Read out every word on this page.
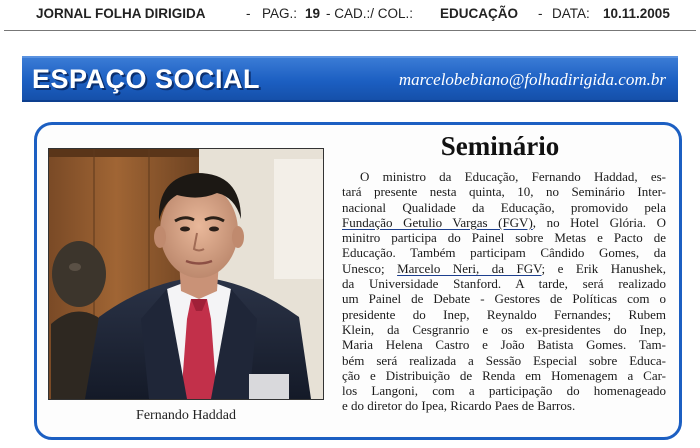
JORNAL FOLHA DIRIGIDA	- PAG.: 19 - CAD.:/ COL.: EDUCAÇÃO - DATA: 10.11.2005
ESPAÇO SOCIAL	marcelobebiano@folhadirigida.com.br
Fernando Haddad
Seminário
O ministro da Educação, Fernando Haddad, es-
tará presente nesta quinta, 10, no Seminário Inter-
nacional Qualidade da Educação, promovido pela
Fundação Getulio Vargas (FGV), no Hotel Glória. O
minitro participa do Painel sobre Metas e Pacto de
Educação. Também participam Cândido Gomes, da
Unesco; Marcelo Neri, da FGV; e Erik Hanushek,
da Universidade Stanford. A tarde, será realizado
um Painel de Debate - Gestores de Políticas com o
presidente do Inep, Reynaldo Fernandes; Rubem
Klein, da Cesgranrio e os ex-presidentes do Inep,
Maria Helena Castro e João Batista Gomes. Tam-
bém será realizada a Sessão Especial sobre Educa-
ção e Distribuição de Renda em Homenagem a Car-
los Langoni, com a participação do homenageado
e do diretor do Ipea, Ricardo Paes de Barros.
